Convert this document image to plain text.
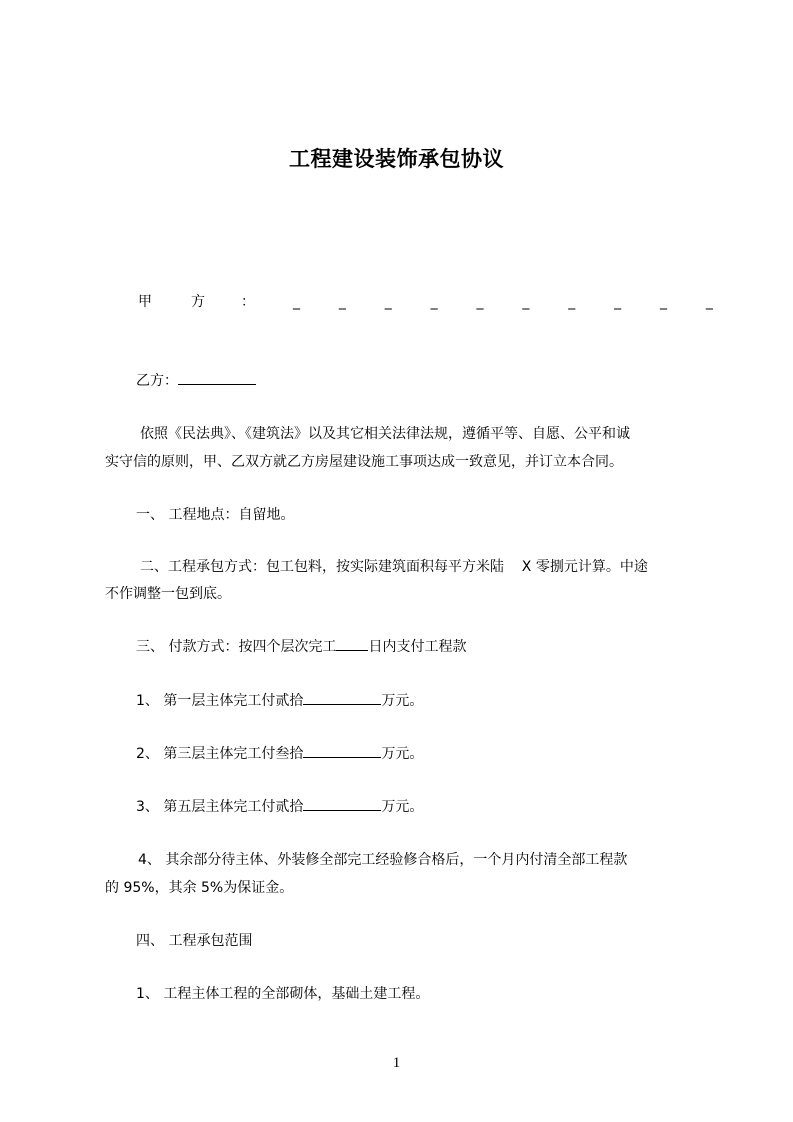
工程建设装饰承包协议
甲	方	：	_	_	_	_	_	_	_	_	_	_
乙方：
依照《民法典》、《建筑法》以及其它相关法律法规，遵循平等、自愿、公平和诚
实守信的原则，甲、乙双方就乙方房屋建设施工事项达成一致意见，并订立本合同。
一、 工程地点：自留地。
二、工程承包方式：包工包料，按实际建筑面积每平方米陆    X 零捌元计算。中途
不作调整一包到底。
三、 付款方式：按四个层次完工 日内支付工程款
1、 第一层主体完工付贰拾	万元。
2、 第三层主体完工付叁拾	万元。
3、 第五层主体完工付贰拾	万元。
4、 其余部分待主体、外装修全部完工经验修合格后，一个月内付清全部工程款
的 95%，其余 5%为保证金。
四、 工程承包范围
1、 工程主体工程的全部砌体，基础土建工程。
1
